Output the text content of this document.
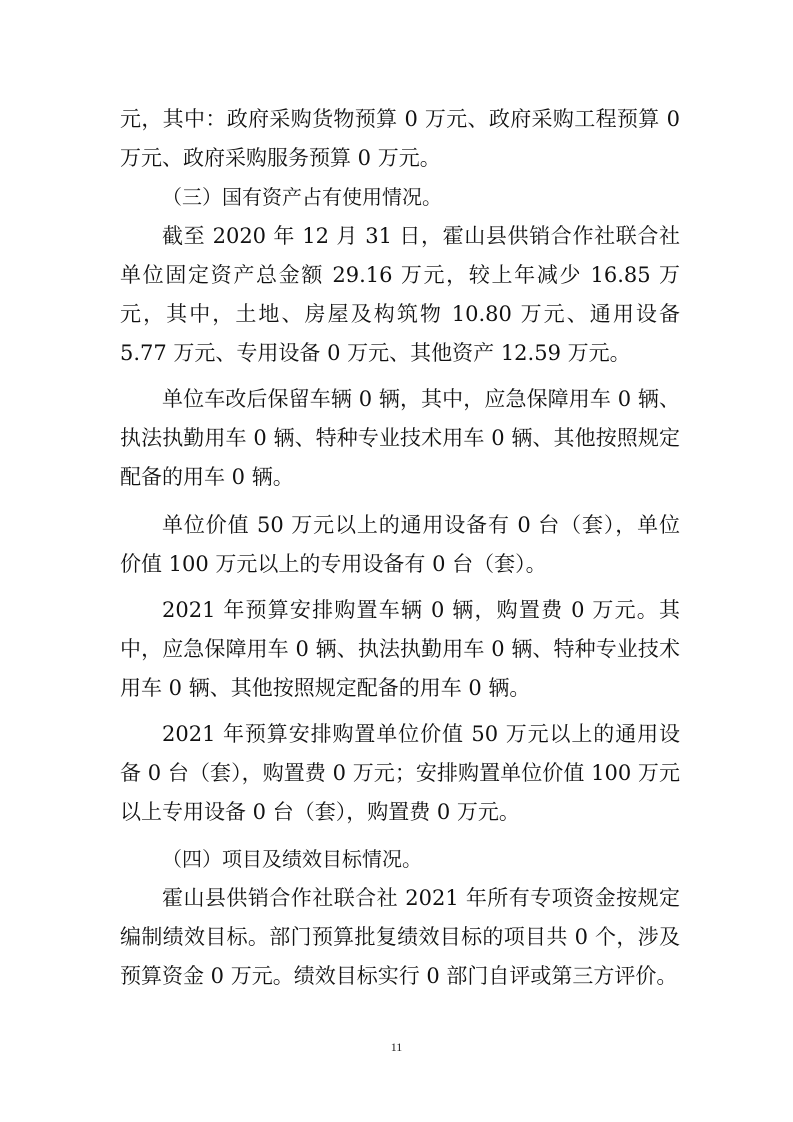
元，其中：政府采购货物预算 0 万元、政府采购工程预算 0 万元、政府采购服务预算 0 万元。

（三）国有资产占有使用情况。

截至 2020 年 12 月 31 日，霍山县供销合作社联合社单位固定资产总金额 29.16 万元，较上年减少 16.85 万元，其中，土地、房屋及构筑物 10.80 万元、通用设备 5.77 万元、专用设备 0 万元、其他资产 12.59 万元。

单位车改后保留车辆 0 辆，其中，应急保障用车 0 辆、执法执勤用车 0 辆、特种专业技术用车 0 辆、其他按照规定配备的用车 0 辆。

单位价值 50 万元以上的通用设备有 0 台（套），单位价值 100 万元以上的专用设备有 0 台（套）。

2021 年预算安排购置车辆 0 辆，购置费 0 万元。其中，应急保障用车 0 辆、执法执勤用车 0 辆、特种专业技术用车 0 辆、其他按照规定配备的用车 0 辆。

2021 年预算安排购置单位价值 50 万元以上的通用设备 0 台（套），购置费 0 万元；安排购置单位价值 100 万元以上专用设备 0 台（套），购置费 0 万元。

（四）项目及绩效目标情况。

霍山县供销合作社联合社 2021 年所有专项资金按规定编制绩效目标。部门预算批复绩效目标的项目共 0 个，涉及预算资金 0 万元。绩效目标实行 0 部门自评或第三方评价。

11
